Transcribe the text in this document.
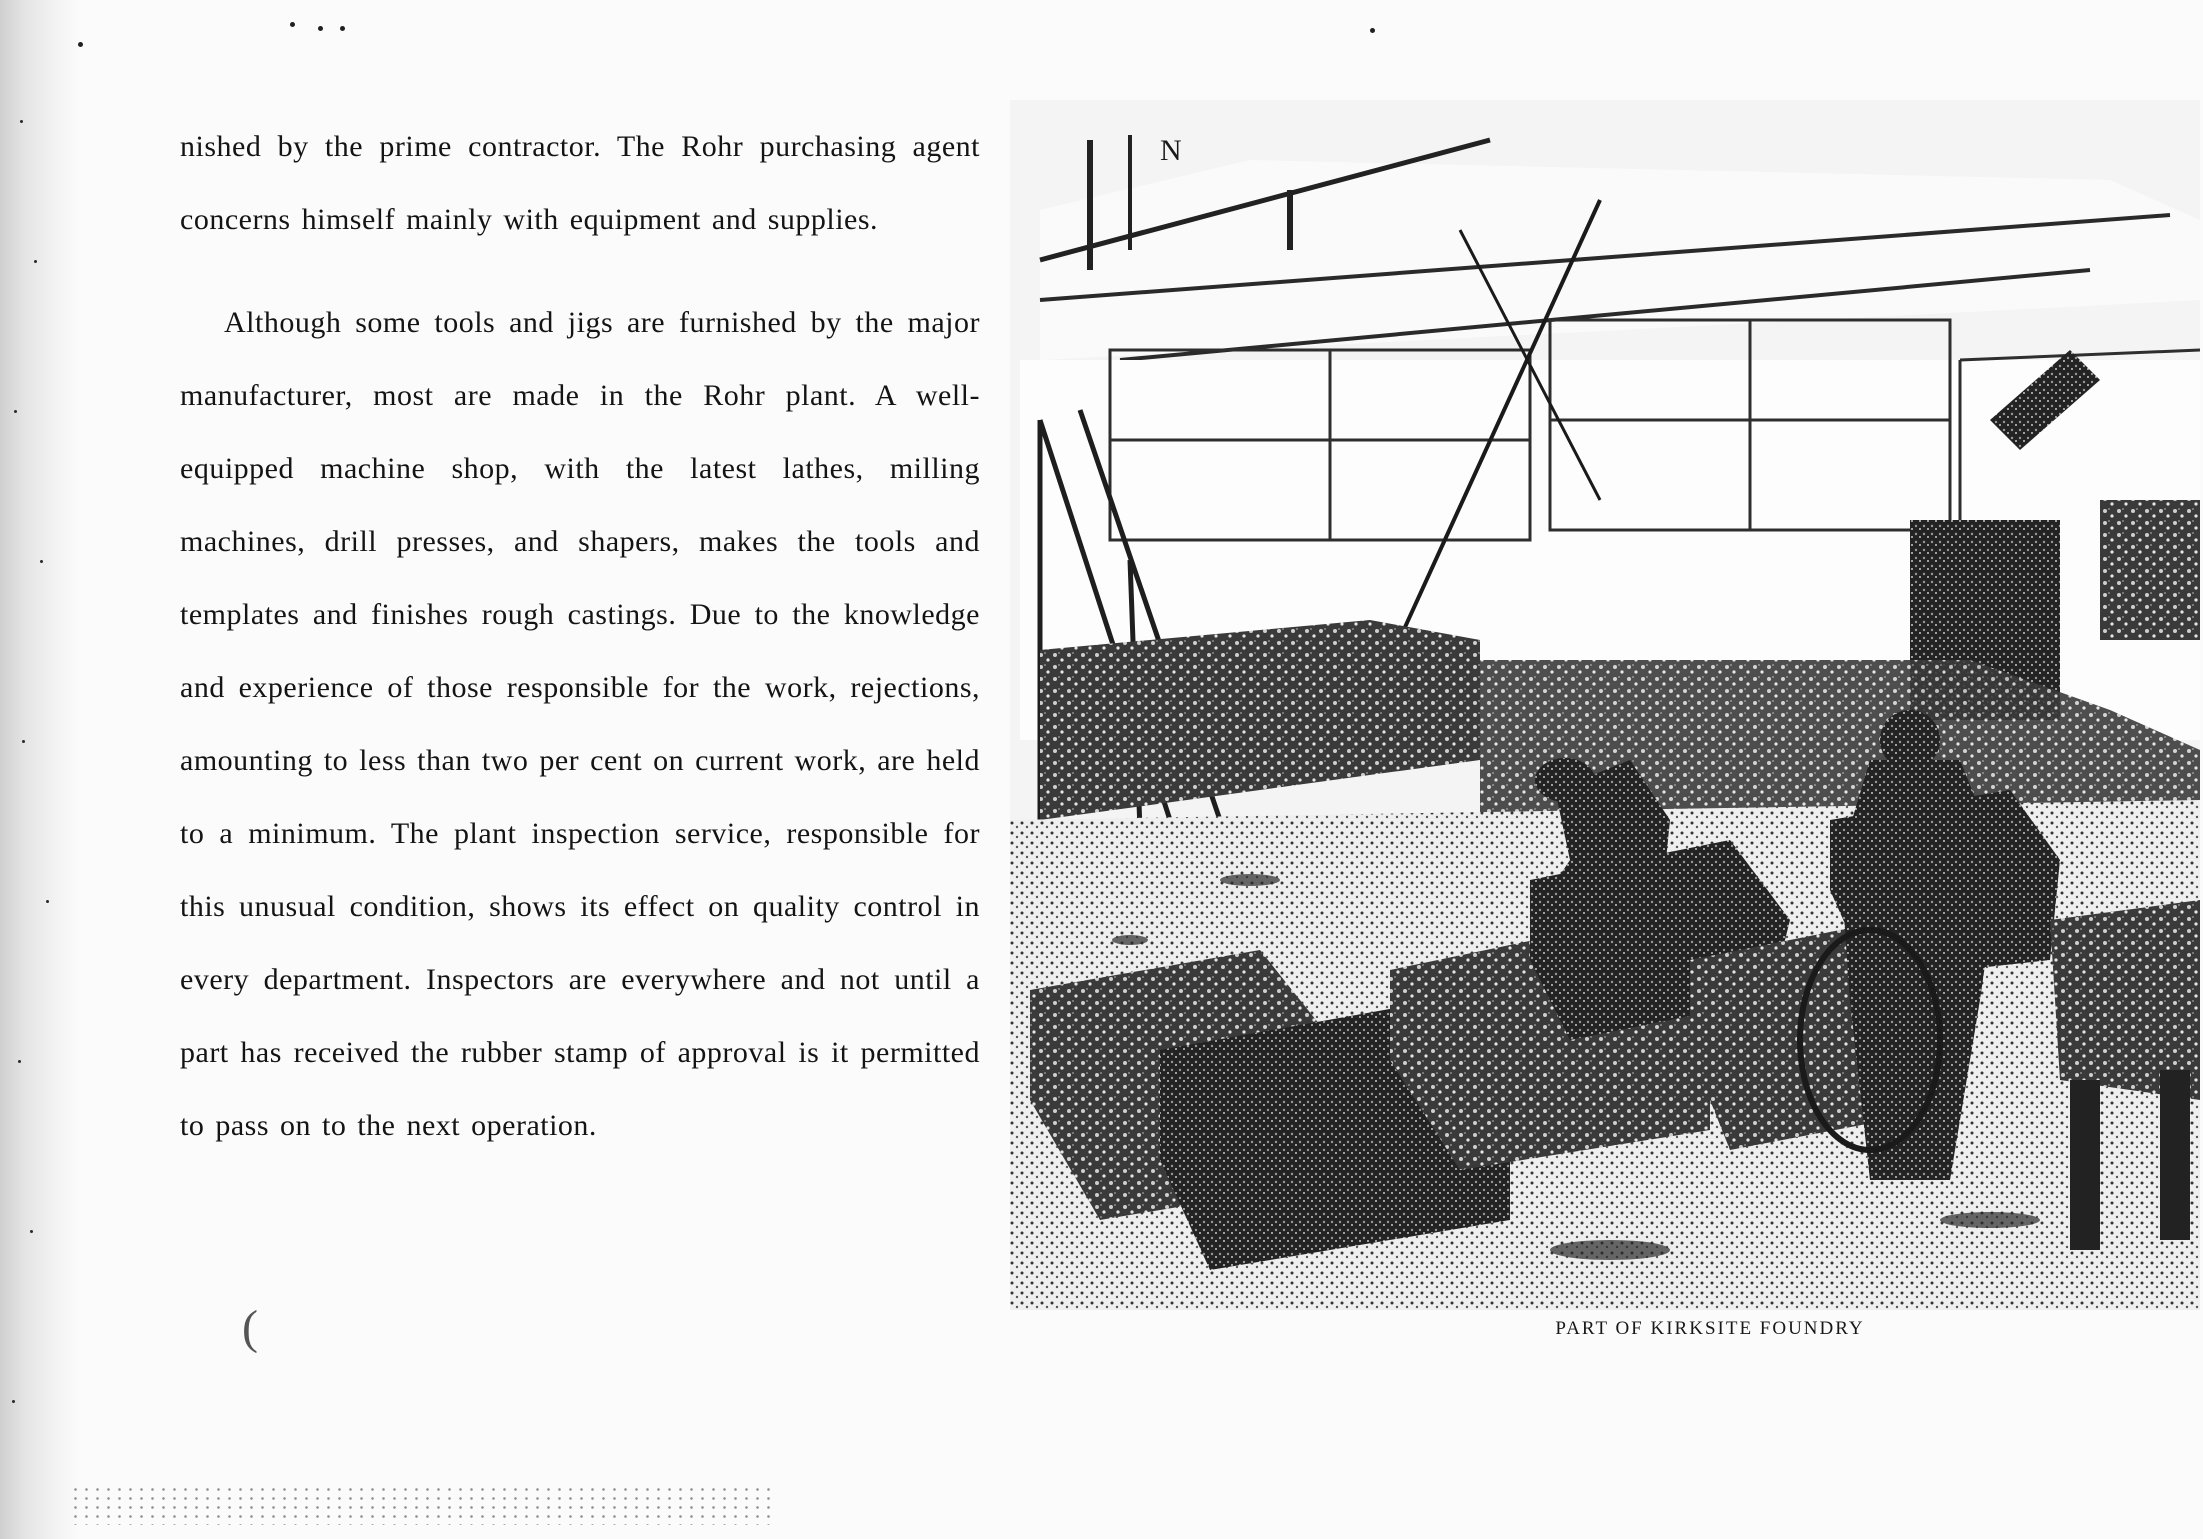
nished by the prime contractor. The Rohr purchasing agent concerns himself mainly with equipment and supplies.

Although some tools and jigs are furnished by the major manufacturer, most are made in the Rohr plant. A well-equipped machine shop, with the latest lathes, milling machines, drill presses, and shapers, makes the tools and templates and finishes rough castings. Due to the knowledge and experience of those responsible for the work, rejections, amounting to less than two per cent on current work, are held to a minimum. The plant inspection service, responsible for this unusual condition, shows its effect on quality control in every department. Inspectors are everywhere and not until a part has received the rubber stamp of approval is it permitted to pass on to the next operation.

(
N
PART OF KIRKSITE FOUNDRY
